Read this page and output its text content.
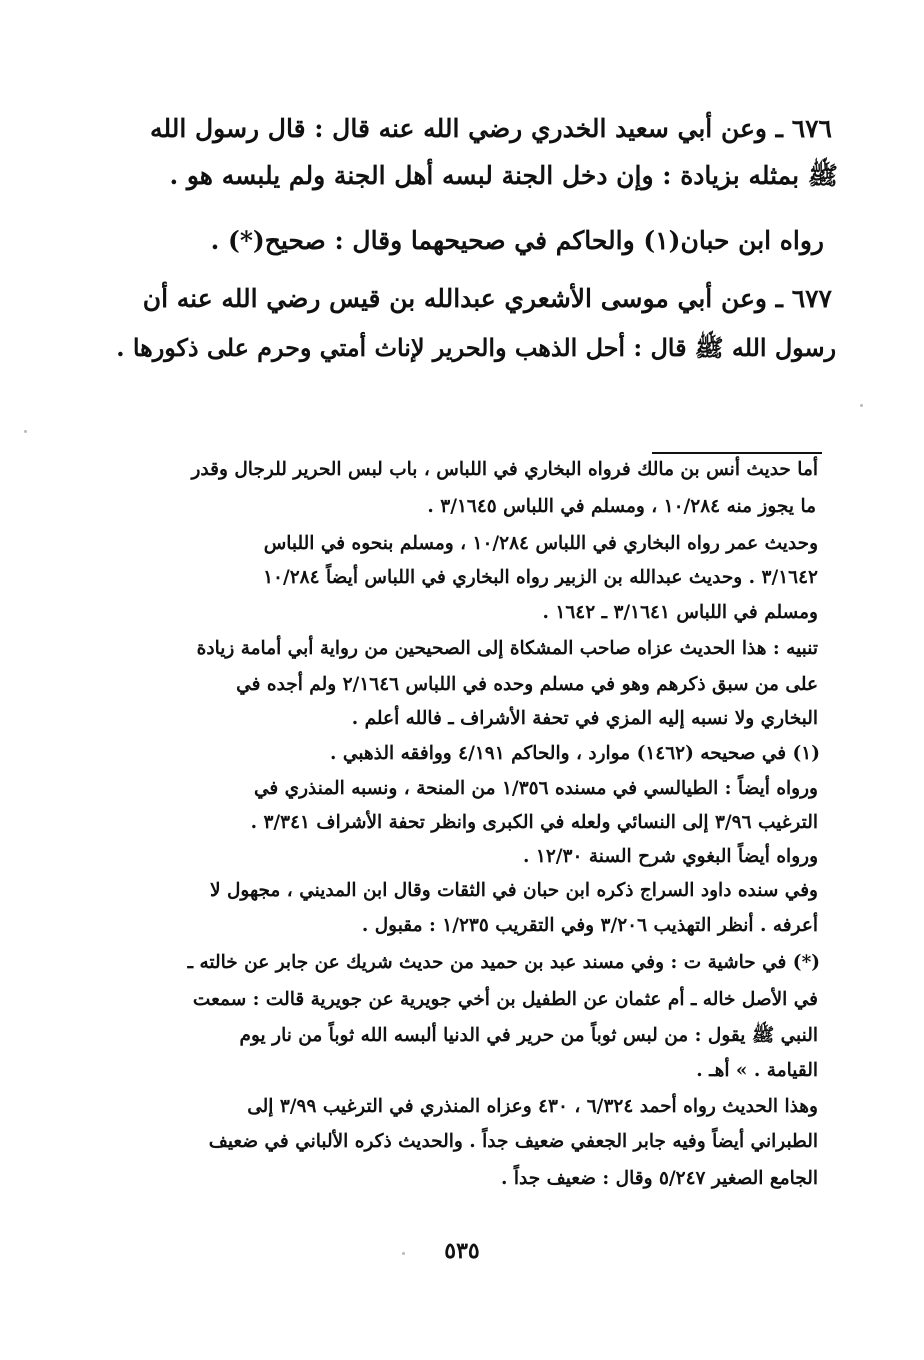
٦٧٦ ـ وعن أبي سعيد الخدري رضي الله عنه قال : قال رسول الله
ﷺ بمثله بزيادة : وإن دخل الجنة لبسه أهل الجنة ولم يلبسه هو .
رواه ابن حبان(١) والحاكم في صحيحهما وقال : صحيح(*) .
٦٧٧ ـ وعن أبي موسى الأشعري عبدالله بن قيس رضي الله عنه أن
رسول الله ﷺ قال : أحل الذهب والحرير لإناث أمتي وحرم على ذكورها .
أما حديث أنس بن مالك فرواه البخاري في اللباس ، باب لبس الحرير للرجال وقدر
ما يجوز منه ١٠/٢٨٤ ، ومسلم في اللباس ٣/١٦٤٥ .
وحديث عمر رواه البخاري في اللباس ١٠/٢٨٤ ، ومسلم بنحوه في اللباس
٣/١٦٤٢ . وحديث عبدالله بن الزبير رواه البخاري في اللباس أيضاً ١٠/٢٨٤
ومسلم في اللباس ٣/١٦٤١ ـ ١٦٤٢ .
تنبيه : هذا الحديث عزاه صاحب المشكاة إلى الصحيحين من رواية أبي أمامة زيادة
على من سبق ذكرهم وهو في مسلم وحده في اللباس ٢/١٦٤٦ ولم أجده في
البخاري ولا نسبه إليه المزي في تحفة الأشراف ـ فالله أعلم .
(١) في صحيحه (١٤٦٢) موارد ، والحاكم ٤/١٩١ ووافقه الذهبي .
ورواه أيضاً : الطيالسي في مسنده ١/٣٥٦ من المنحة ، ونسبه المنذري في
الترغيب ٣/٩٦ إلى النسائي ولعله في الكبرى وانظر تحفة الأشراف ٣/٣٤١ .
ورواه أيضاً البغوي شرح السنة ١٢/٣٠ .
وفي سنده داود السراج ذكره ابن حبان في الثقات وقال ابن المديني ، مجهول لا
أعرفه . أنظر التهذيب ٣/٢٠٦ وفي التقريب ١/٢٣٥ : مقبول .
(*) في حاشية ت : وفي مسند عبد بن حميد من حديث شريك عن جابر عن خالته ـ
في الأصل خاله ـ أم عثمان عن الطفيل بن أخي جويرية عن جويرية قالت : سمعت
النبي ﷺ يقول : من لبس ثوباً من حرير في الدنيا ألبسه الله ثوباً من نار يوم
القيامة . » أهـ .
وهذا الحديث رواه أحمد ٦/٣٢٤ ، ٤٣٠ وعزاه المنذري في الترغيب ٣/٩٩ إلى
الطبراني أيضاً وفيه جابر الجعفي ضعيف جداً . والحديث ذكره الألباني في ضعيف
الجامع الصغير ٥/٢٤٧ وقال : ضعيف جداً .
٥٣٥
